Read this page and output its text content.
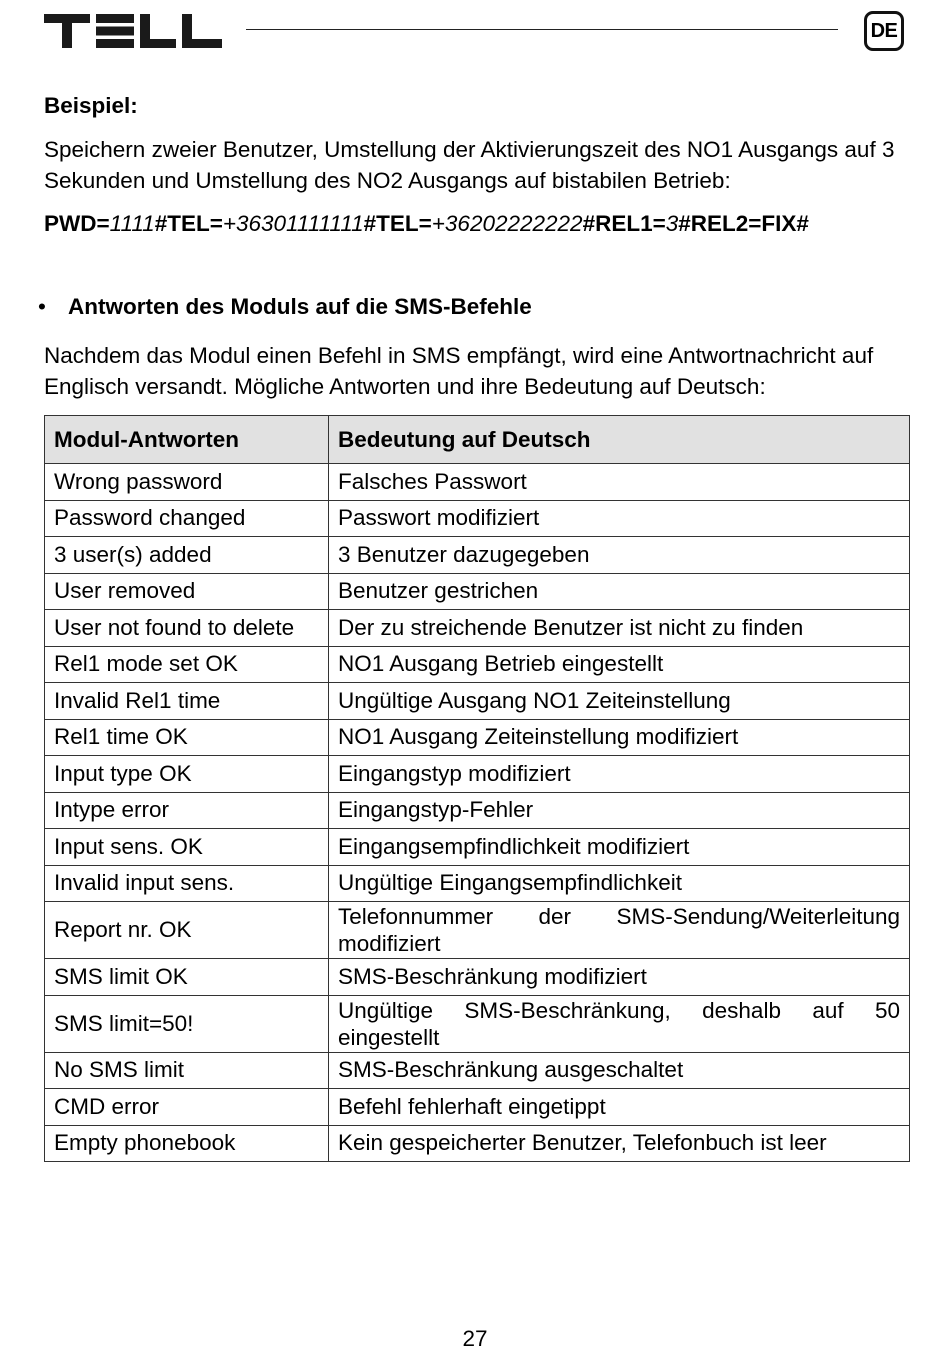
DE
Beispiel:
Speichern zweier Benutzer, Umstellung der Aktivierungszeit des NO1 Ausgangs auf 3 Sekunden und Umstellung des NO2 Ausgangs auf bistabilen Betrieb:
PWD=1111#TEL=+36301111111#TEL=+36202222222#REL1=3#REL2=FIX#
• Antworten des Moduls auf die SMS-Befehle
Nachdem das Modul einen Befehl in SMS empfängt, wird eine Antwortnachricht auf Englisch versandt. Mögliche Antworten und ihre Bedeutung auf Deutsch:
Modul-Antworten	Bedeutung auf Deutsch
Wrong password	Falsches Passwort
Password changed	Passwort modifiziert
3 user(s) added	3 Benutzer dazugegeben
User removed	Benutzer gestrichen
User not found to delete	Der zu streichende Benutzer ist nicht zu finden
Rel1 mode set OK	NO1 Ausgang Betrieb eingestellt
Invalid Rel1 time	Ungültige Ausgang NO1 Zeiteinstellung
Rel1 time OK	NO1 Ausgang Zeiteinstellung modifiziert
Input type OK	Eingangstyp modifiziert
Intype error	Eingangstyp-Fehler
Input sens. OK	Eingangsempfindlichkeit modifiziert
Invalid input sens.	Ungültige Eingangsempfindlichkeit
Report nr. OK	Telefonnummer der SMS-Sendung/Weiterleitung modifiziert
SMS limit OK	SMS-Beschränkung modifiziert
SMS limit=50!	Ungültige SMS-Beschränkung, deshalb auf 50 eingestellt
No SMS limit	SMS-Beschränkung ausgeschaltet
CMD error	Befehl fehlerhaft eingetippt
Empty phonebook	Kein gespeicherter Benutzer, Telefonbuch ist leer
27
